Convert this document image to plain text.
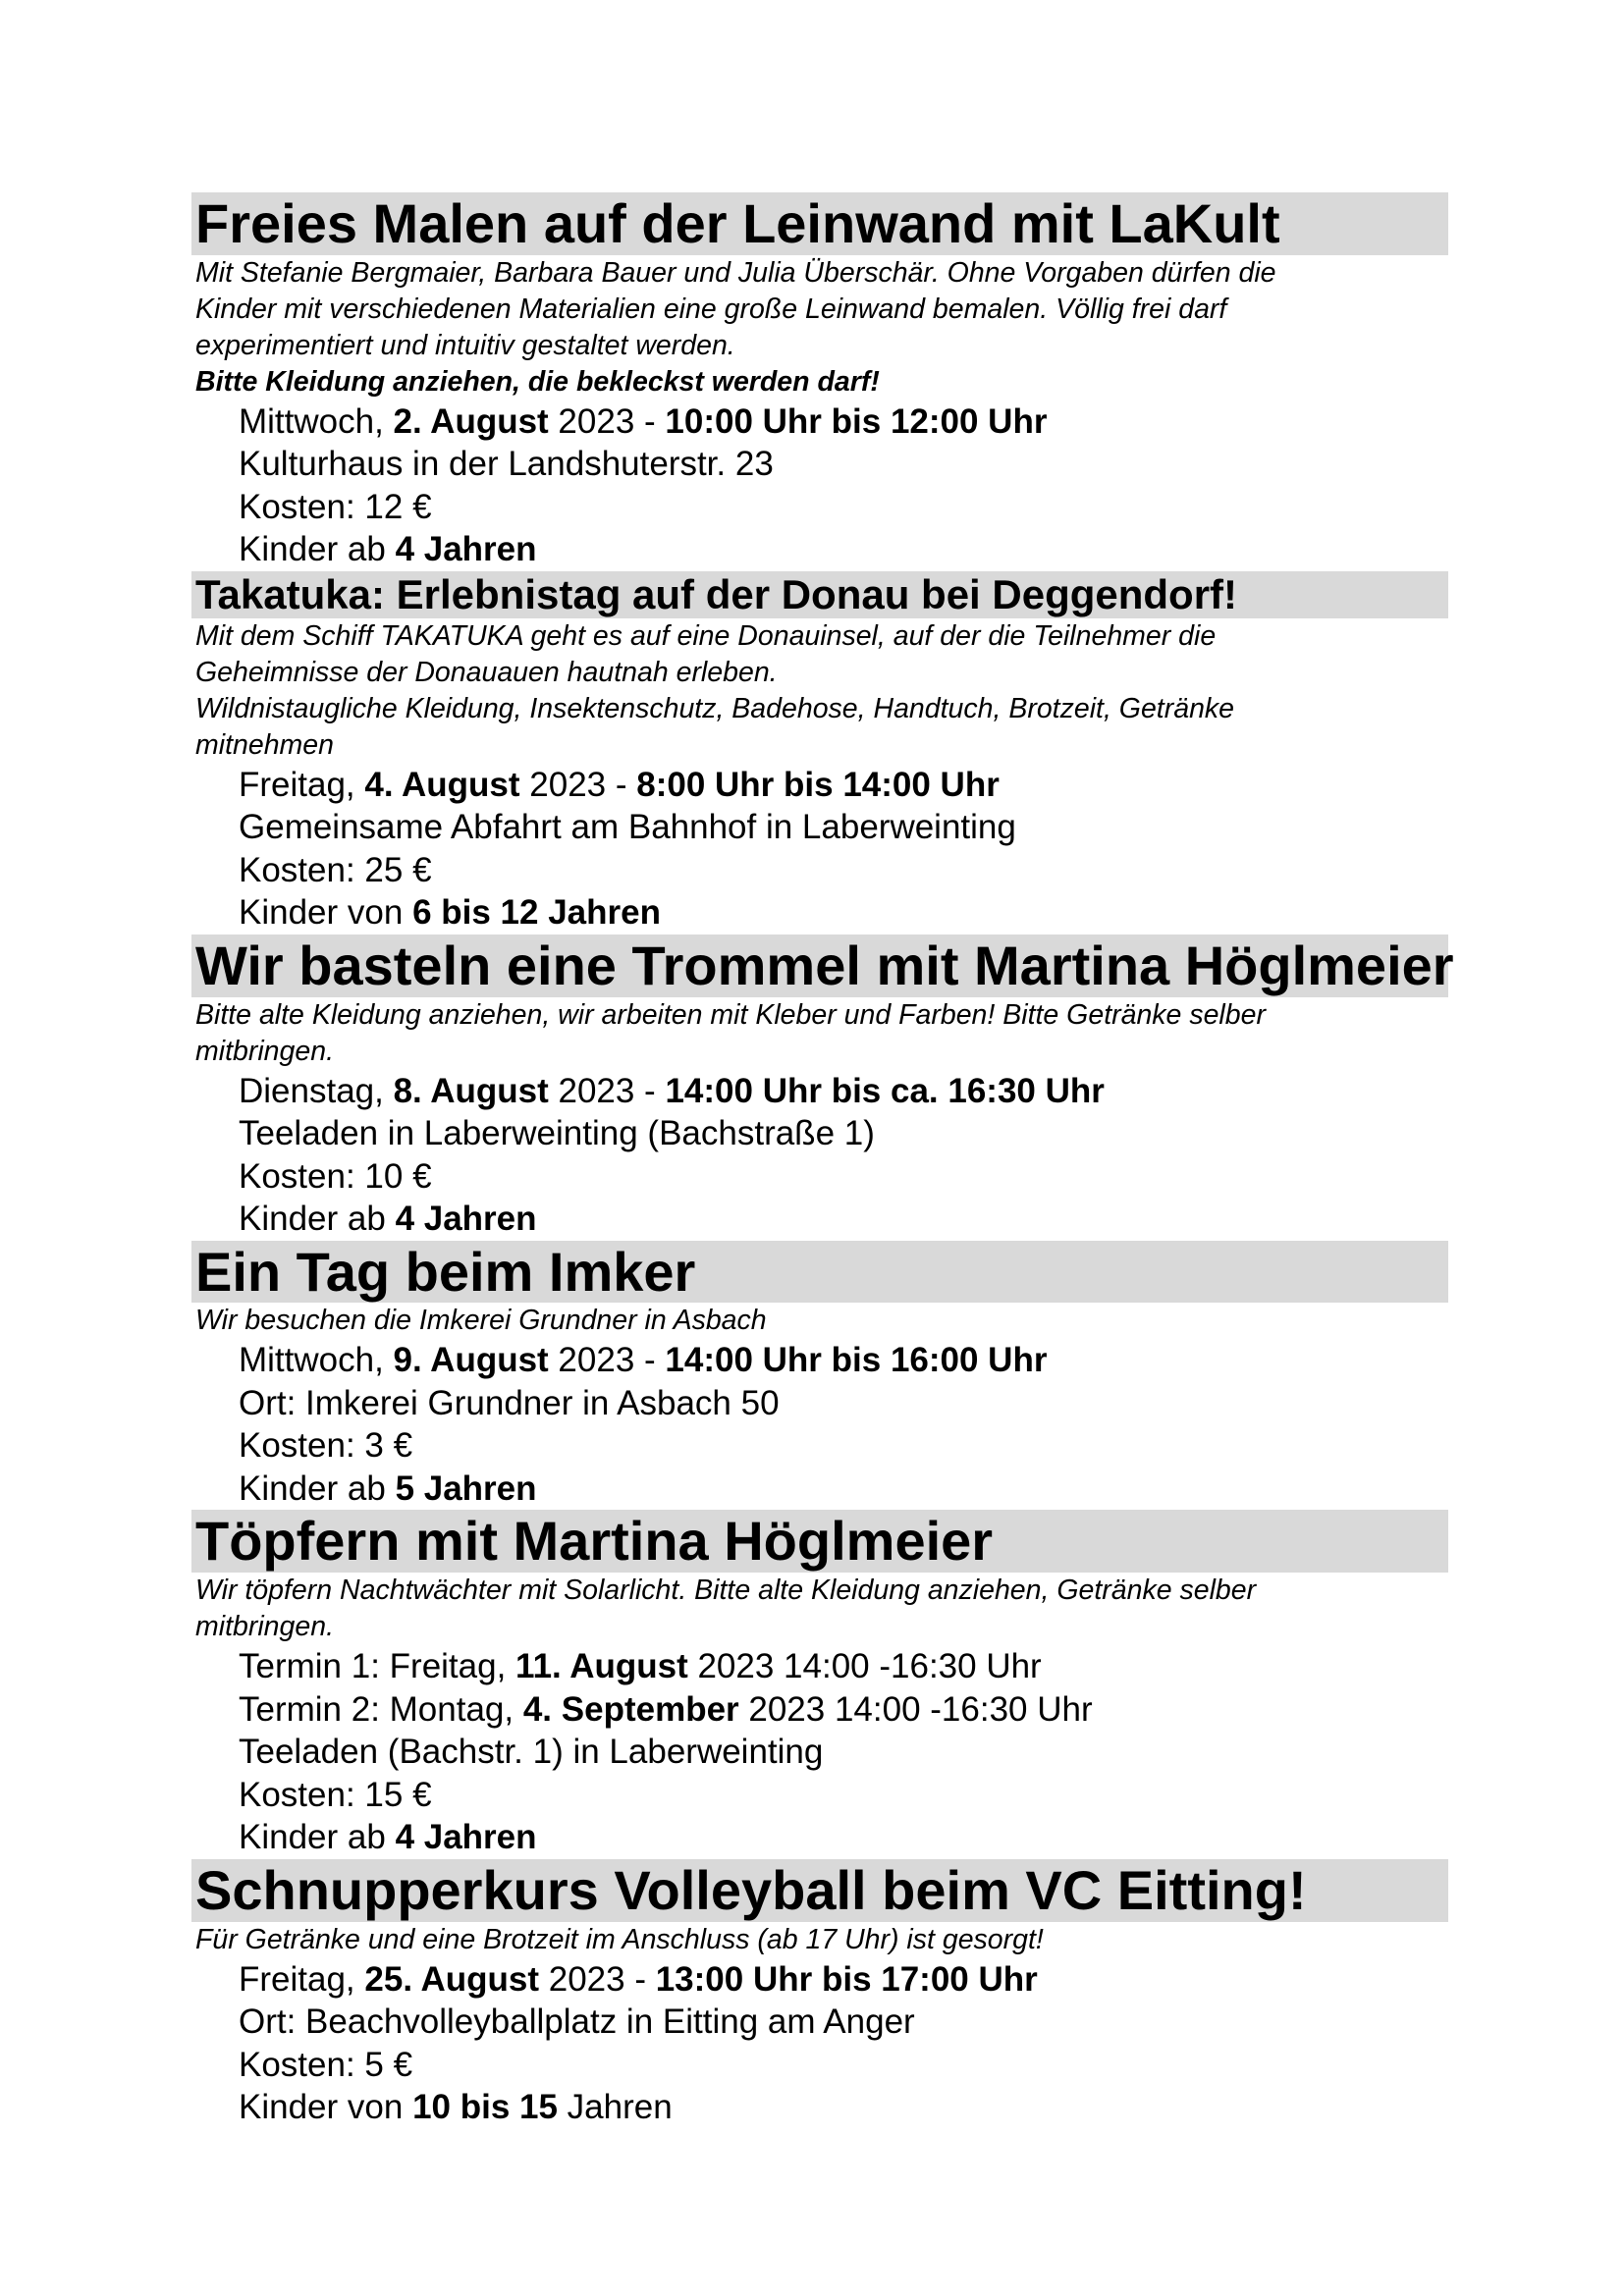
Freies Malen auf der Leinwand mit LaKult

Mit Stefanie Bergmaier, Barbara Bauer und Julia Überschär. Ohne Vorgaben dürfen die

Kinder mit verschiedenen Materialien eine große Leinwand bemalen. Völlig frei darf

experimentiert und intuitiv gestaltet werden.

Bitte Kleidung anziehen, die bekleckst werden darf!

Mittwoch, 2. August 2023 - 10:00 Uhr bis 12:00 Uhr

Kulturhaus in der Landshuterstr. 23

Kosten: 12 €

Kinder ab 4 Jahren

Takatuka: Erlebnistag auf der Donau bei Deggendorf!

Mit dem Schiff TAKATUKA geht es auf eine Donauinsel, auf der die Teilnehmer die

Geheimnisse der Donauauen hautnah erleben.

Wildnistaugliche Kleidung, Insektenschutz, Badehose, Handtuch, Brotzeit, Getränke

mitnehmen

Freitag, 4. August 2023 - 8:00 Uhr bis 14:00 Uhr

Gemeinsame Abfahrt am Bahnhof in Laberweinting

Kosten: 25 €

Kinder von 6 bis 12 Jahren

Wir basteln eine Trommel mit Martina Höglmeier

Bitte alte Kleidung anziehen, wir arbeiten mit Kleber und Farben! Bitte Getränke selber

mitbringen.

Dienstag, 8. August 2023 - 14:00 Uhr bis ca. 16:30 Uhr

Teeladen in Laberweinting (Bachstraße 1)

Kosten: 10 €

Kinder ab 4 Jahren

Ein Tag beim Imker

Wir besuchen die Imkerei Grundner in Asbach

Mittwoch, 9. August 2023 - 14:00 Uhr bis 16:00 Uhr

Ort: Imkerei Grundner in Asbach 50

Kosten: 3 €

Kinder ab 5 Jahren

Töpfern mit Martina Höglmeier

Wir töpfern Nachtwächter mit Solarlicht. Bitte alte Kleidung anziehen, Getränke selber

mitbringen.

Termin 1: Freitag, 11. August 2023 14:00 -16:30 Uhr

Termin 2: Montag, 4. September 2023 14:00 -16:30 Uhr

Teeladen (Bachstr. 1) in Laberweinting

Kosten: 15 €

Kinder ab 4 Jahren

Schnupperkurs Volleyball beim VC Eitting!

Für Getränke und eine Brotzeit im Anschluss (ab 17 Uhr) ist gesorgt!

Freitag, 25. August 2023 - 13:00 Uhr bis 17:00 Uhr

Ort: Beachvolleyballplatz in Eitting am Anger

Kosten: 5 €

Kinder von 10 bis 15 Jahren
